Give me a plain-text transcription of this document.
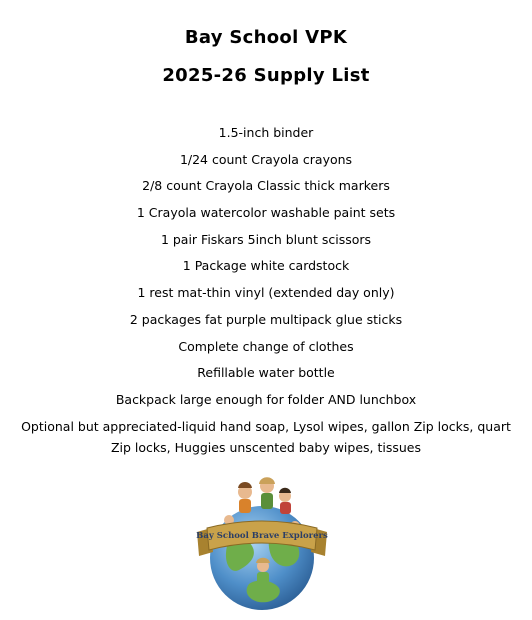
Bay School VPK
2025-26 Supply List
1.5-inch binder
1/24 count Crayola crayons
2/8 count Crayola Classic thick markers
1 Crayola watercolor washable paint sets
1 pair Fiskars 5inch blunt scissors
1 Package white cardstock
1 rest mat-thin vinyl (extended day only)
2 packages fat purple multipack glue sticks
Complete change of clothes
Refillable water bottle
Backpack large enough for folder AND lunchbox
Optional but appreciated-liquid hand soap, Lysol wipes, gallon Zip locks, quart Zip locks, Huggies unscented baby wipes, tissues
Bay School Brave Explorers
